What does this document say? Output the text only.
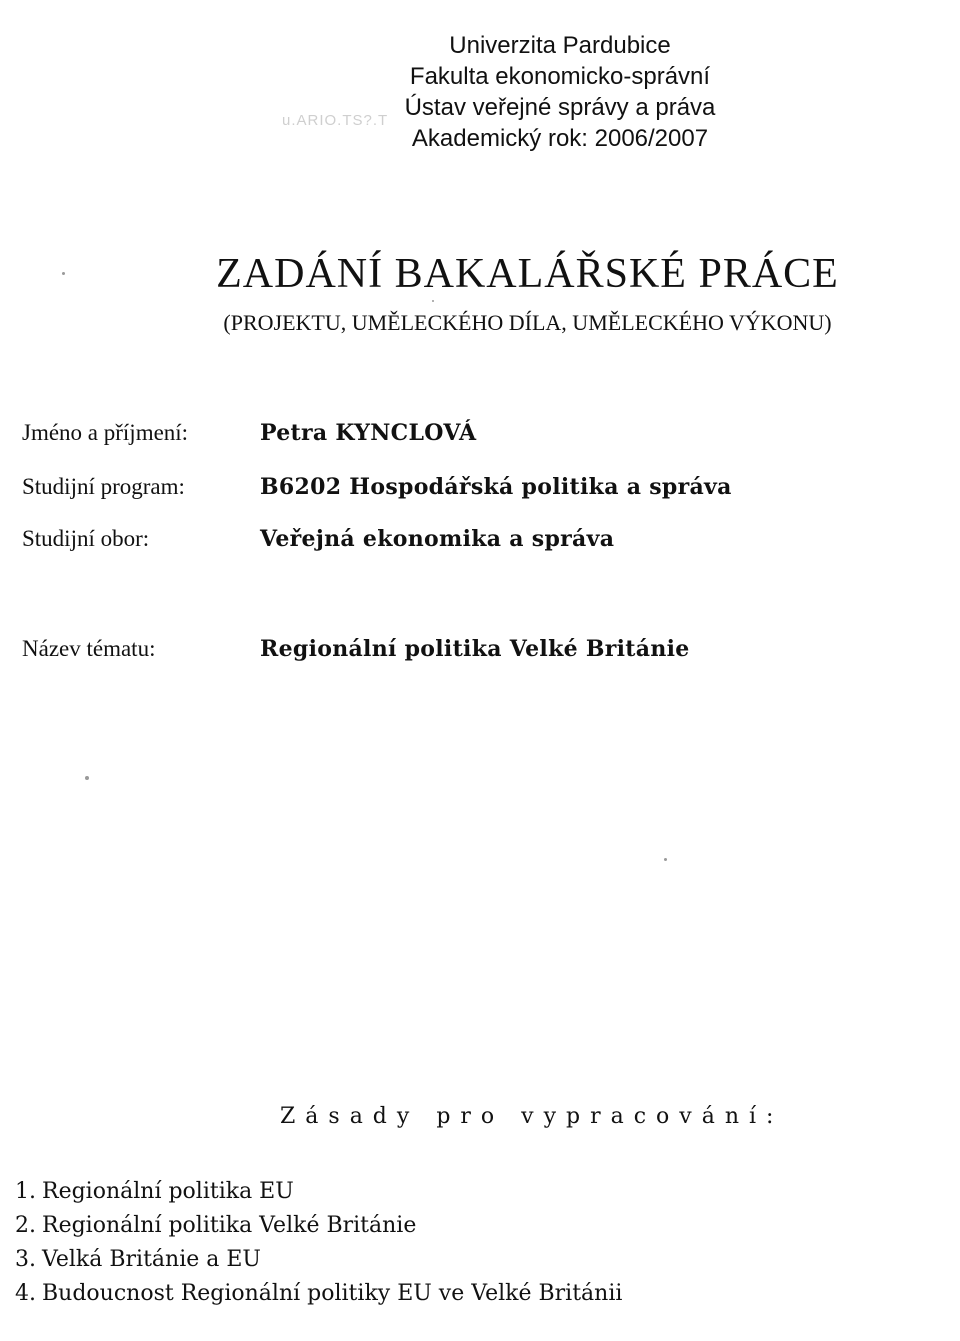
Univerzita Pardubice
Fakulta ekonomicko-správní
Ústav veřejné správy a práva
Akademický rok: 2006/2007
u.ARIO.TS?.T
ZADÁNÍ BAKALÁŘSKÉ PRÁCE
(PROJEKTU, UMĚLECKÉHO DÍLA, UMĚLECKÉHO VÝKONU)
Jméno a příjmení:	Petra KYNCLOVÁ
Studijní program:	B6202 Hospodářská politika a správa
Studijní obor:	Veřejná ekonomika a správa
Název tématu:	Regionální politika Velké Británie
Zásady pro vypracování:
1. Regionální politika EU
2. Regionální politika Velké Británie
3. Velká Británie a EU
4. Budoucnost Regionální politiky EU ve Velké Británii
